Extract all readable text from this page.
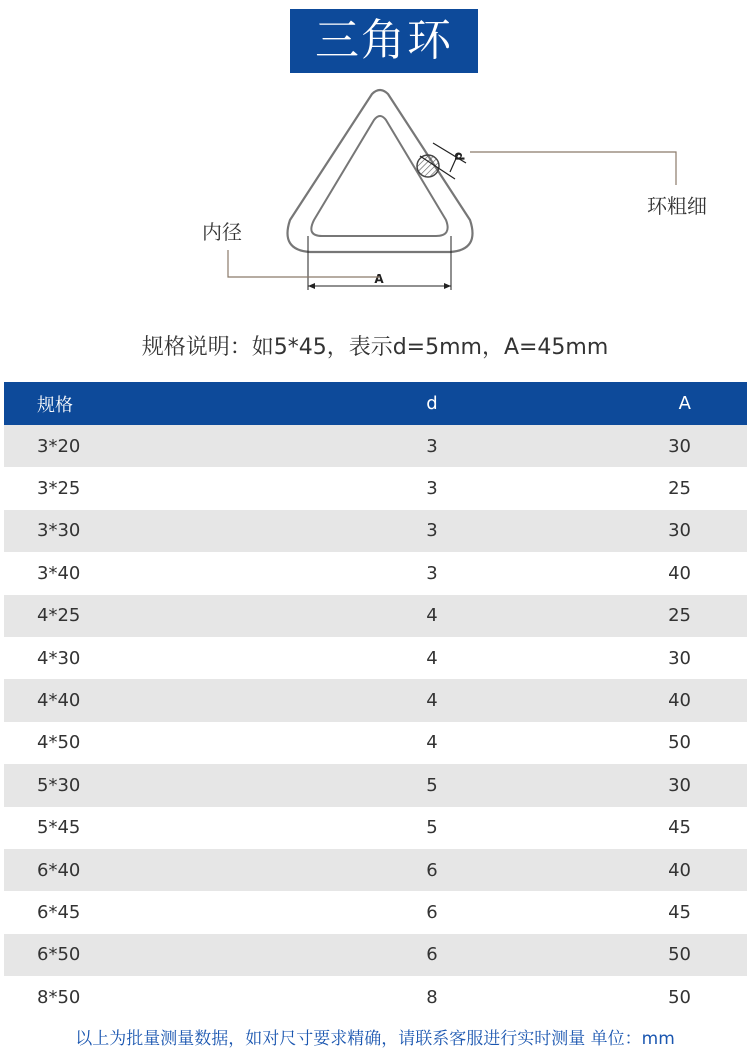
三角环
d
环粗细
A
内径
规格说明：如5*45，表示d=5mm，A=45mm
规格	d	A
3*20	3	30
3*25	3	25
3*30	3	30
3*40	3	40
4*25	4	25
4*30	4	30
4*40	4	40
4*50	4	50
5*30	5	30
5*45	5	45
6*40	6	40
6*45	6	45
6*50	6	50
8*50	8	50
以上为批量测量数据，如对尺寸要求精确，请联系客服进行实时测量 单位：mm
